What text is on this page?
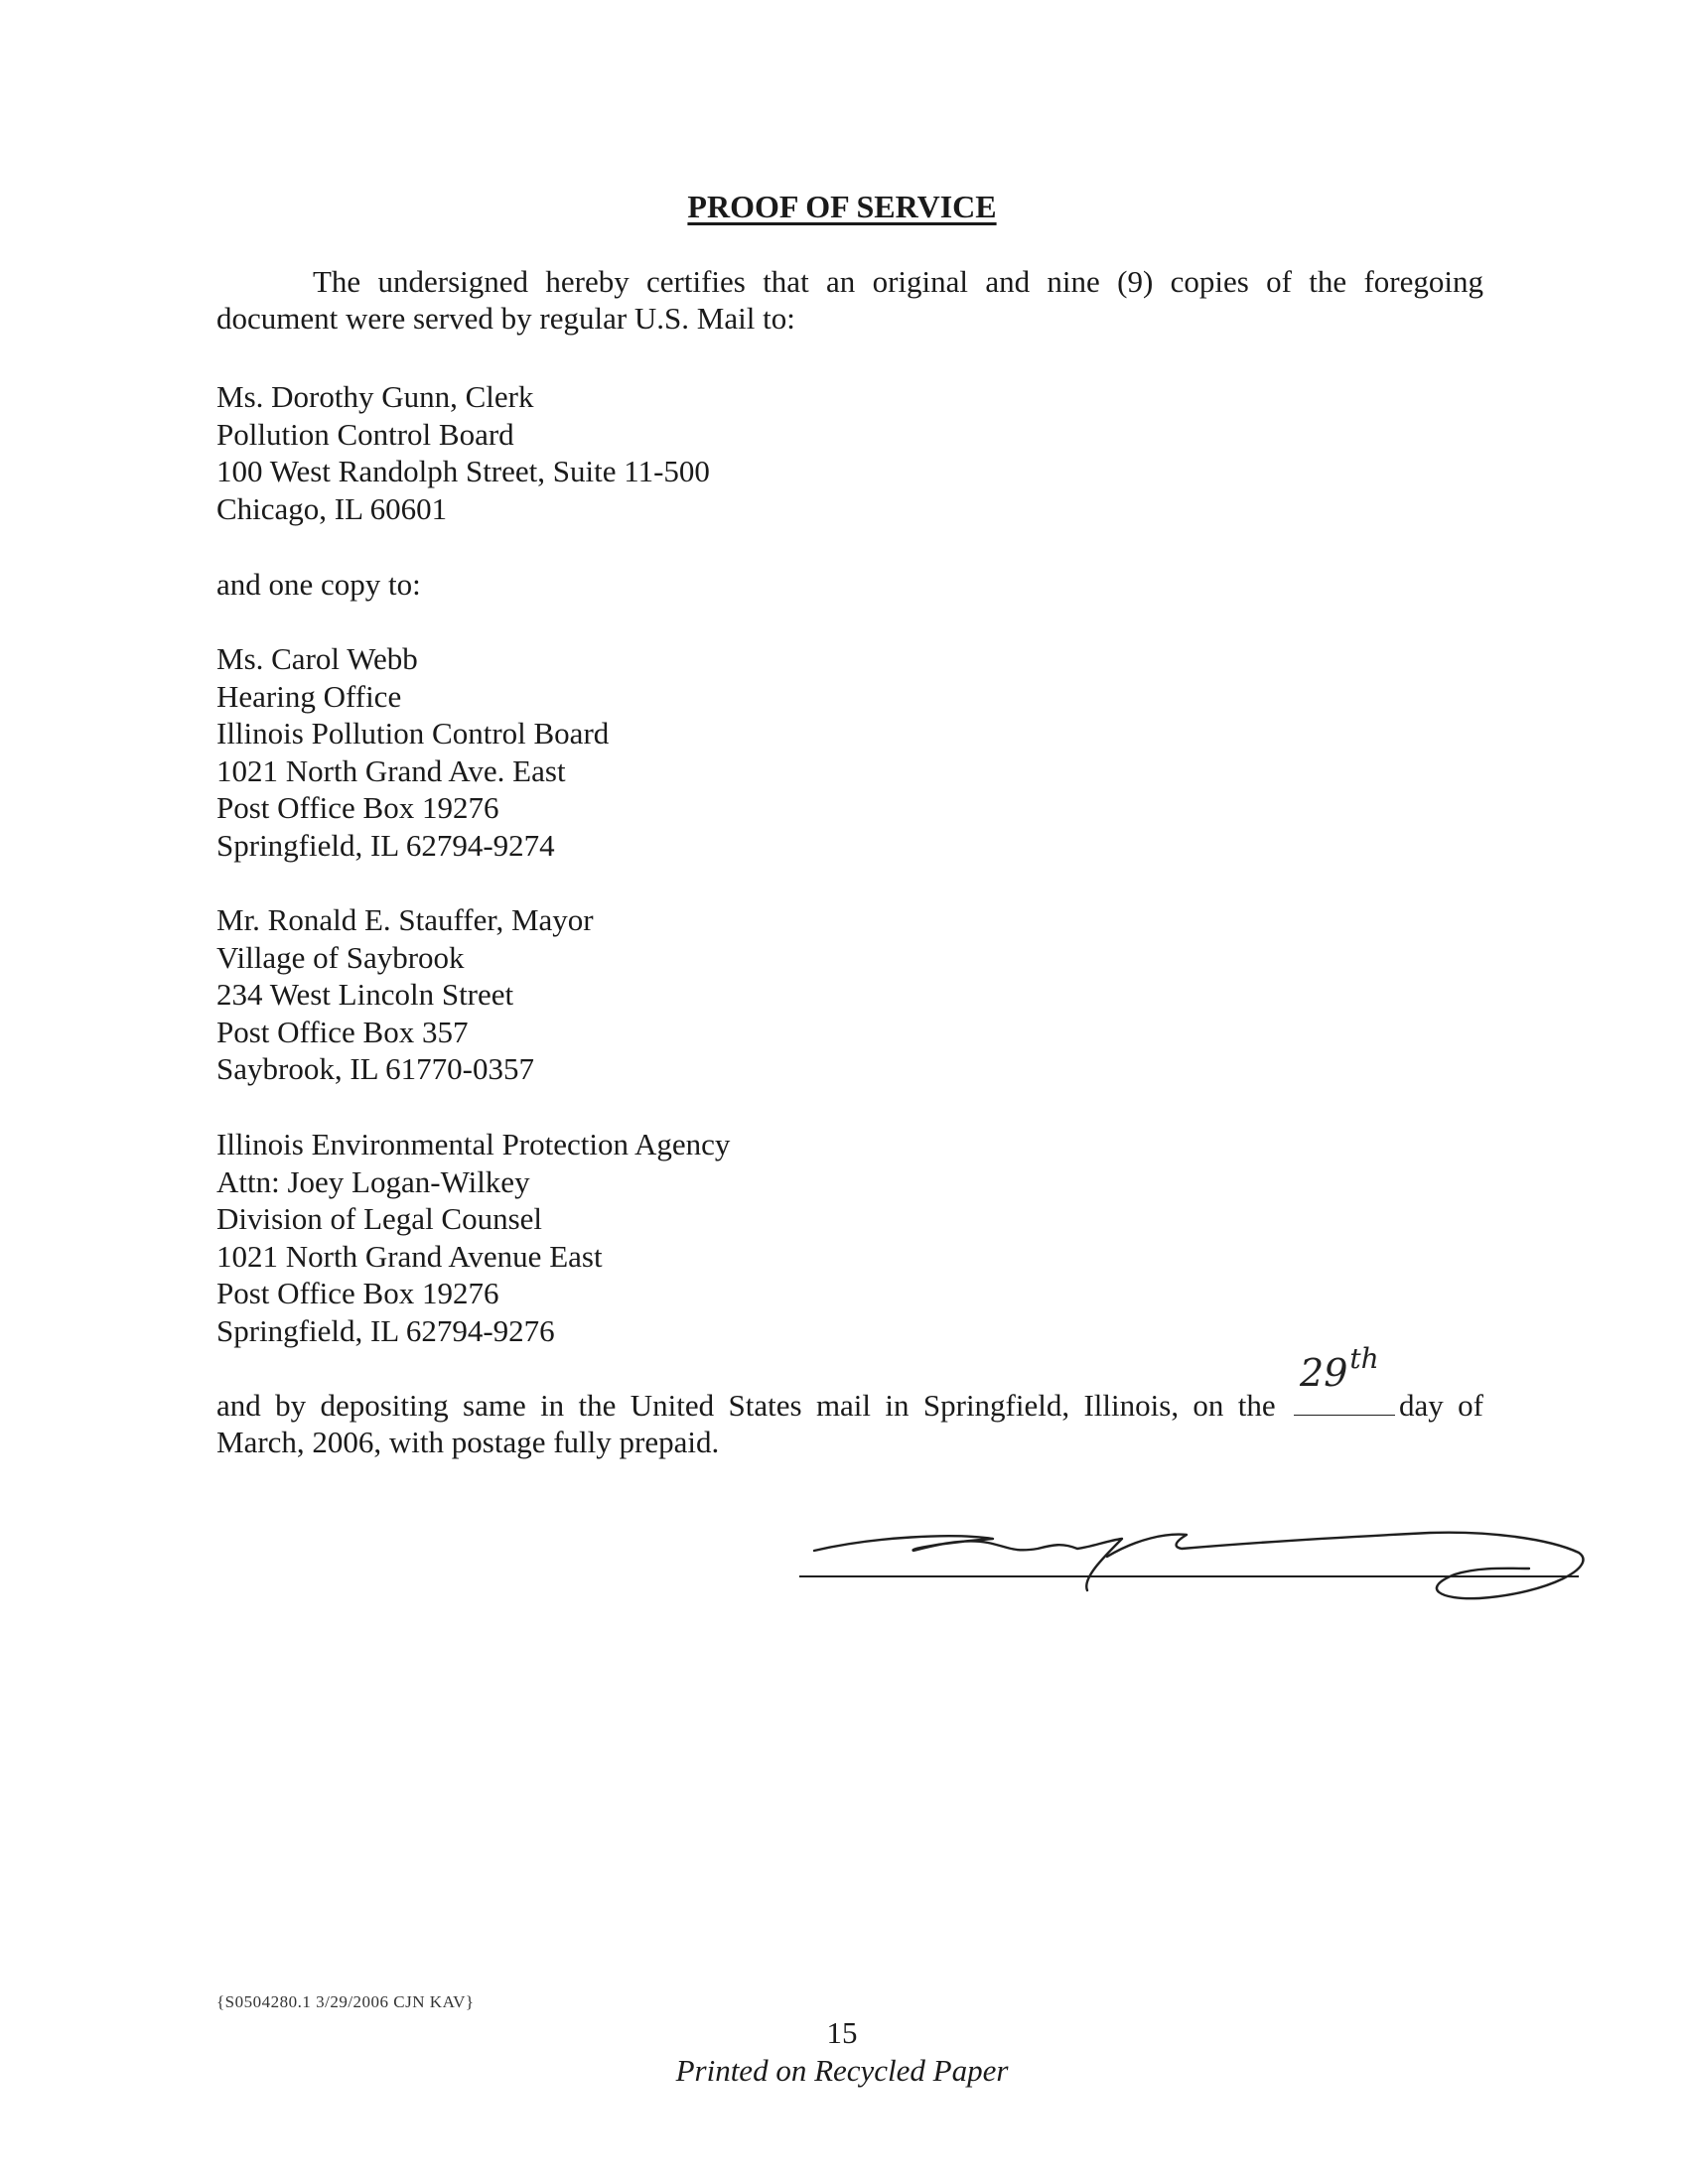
PROOF OF SERVICE
The undersigned hereby certifies that an original and nine (9) copies of the foregoing
document were served by regular U.S. Mail to:
Ms. Dorothy Gunn, Clerk
Pollution Control Board
100 West Randolph Street, Suite 11-500
Chicago, IL 60601
and one copy to:
Ms. Carol Webb
Hearing Office
Illinois Pollution Control Board
1021 North Grand Ave. East
Post Office Box 19276
Springfield, IL 62794-9274
Mr. Ronald E. Stauffer, Mayor
Village of Saybrook
234 West Lincoln Street
Post Office Box 357
Saybrook, IL 61770-0357
Illinois Environmental Protection Agency
Attn: Joey Logan-Wilkey
Division of Legal Counsel
1021 North Grand Avenue East
Post Office Box 19276
Springfield, IL 62794-9276
and by depositing same in the United States mail in Springfield, Illinois, on the
29th
day of
March, 2006, with postage fully prepaid.
{S0504280.1 3/29/2006 CJN KAV}
15
Printed on Recycled Paper
